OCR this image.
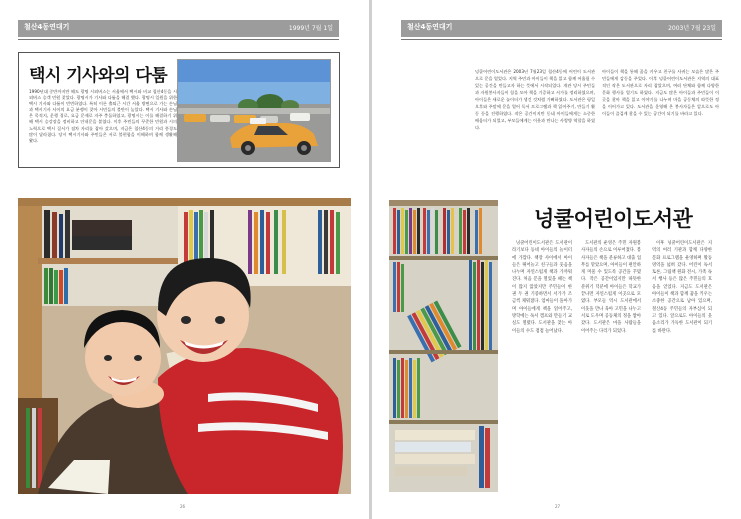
철산4동연대기	1999년 7월 1일
택시 기사와의 다툼
1990년대 중반까지만 해도 광명 시외버스는 서울에서 택시와 비교 철산4동을 시외버스 승객 민원 잦았다. 광명시가 기사와 다툼을 해결 했다. 광명시 일원을 위한 택시 기사와 다툼이 빈번하였다. 특히 이른 출퇴근 시간 서울 방면으로 가는 손님과 택시기사 사이의 요금 분쟁이 잦아 시민들의 불만이 높았다. 택시 기사와 손님은 목적지, 운행 경로, 요금 문제로 자주 충돌하였고, 광명시는 이를 해결하기 위해 택시 승강장을 정비하고 안내문을 붙였다. 이후 주민들의 꾸준한 민원과 시의 노력으로 택시 질서가 점차 자리를 잡아 갔으며, 지금은 철산4동의 거리 풍경도 많이 달라졌다. 당시 택시기사와 주민들은 서로 불편함을 이해하며 함께 생활해 왔다.
26
철산4동연대기	2003년 7월 23일
넝쿨어린이도서관은 2003년 7월23일 철산4동에 어린이 도서관으로 문을 열었다. 지역 주민과 아이들이 책을 읽고 함께 어울릴 수 있는 공간을 만들고자 하는 뜻에서 시작되었다. 개관 당시 주민들과 자원봉사자들이 힘을 모아 책을 기증하고 서가를 정리하였으며, 아이들은 새로운 놀이터가 생긴 것처럼 기뻐하였다. 도서관은 평일 오후와 주말에 문을 열어 독서 프로그램과 책 읽어주기, 만들기 활동 등을 진행하였다. 작은 공간이지만 동네 아이들에게는 소중한 배움터가 되었고, 부모들에게는 이웃과 만나는 사랑방 역할을 하였다.
아이들이 책을 통해 꿈을 키우고 친구를 사귀는 모습은 많은 주민들에게 감동을 주었다. 이후 넝쿨어린이도서관은 지역의 대표적인 작은 도서관으로 자리 잡았으며, 여러 단체와 함께 다양한 문화 행사를 열기도 하였다. 지금도 많은 아이들과 주민들이 이곳을 찾아 책을 읽고 이야기를 나누며 마을 공동체의 따뜻한 정을 이어가고 있다. 도서관을 운영해 온 봉사자들은 앞으로도 아이들이 즐겁게 찾을 수 있는 공간이 되기를 바라고 있다.
넝쿨어린이도서관

넝쿨어린이도서관은 도서관이라기보다 동네 아이들의 놀이터에 가깝다. 책장 사이에서 아이들은 뛰어놀고 친구들과 웃음을 나누며 자연스럽게 책과 가까워진다. 처음 문을 열었을 때는 책이 많지 않았지만 주민들이 한 권 두 권 기증하면서 서가가 조금씩 채워졌다. 엄마들이 돌아가며 아이들에게 책을 읽어주고, 방학에는 독서 캠프와 만들기 교실도 열렸다. 도서관을 찾는 아이들의 수도 점점 늘어났다.

도서관의 운영은 주민 자원봉사자들의 손으로 이루어졌다. 봉사자들은 책을 분류하고 대출 업무를 맡았으며, 아이들이 편안하게 머물 수 있도록 공간을 꾸몄다. 작은 공간이었지만 따뜻한 분위기 덕분에 아이들은 학교가 끝나면 자연스럽게 이곳으로 모였다. 부모들 역시 도서관에서 이웃을 만나 육아 고민을 나누고 서로 도우며 공동체의 정을 쌓아 갔다. 도서관은 마을 사람들을 이어주는 다리가 되었다.

이후 넝쿨어린이도서관은 지역의 여러 기관과 함께 다양한 문화 프로그램을 운영하며 활동 영역을 넓혀 갔다. 어린이 독서 토론, 그림책 원화 전시, 가족 독서 행사 등은 많은 주민들의 호응을 얻었다. 지금도 도서관은 아이들이 책과 함께 꿈을 키우는 소중한 공간으로 남아 있으며, 철산4동 주민들의 자부심이 되고 있다. 앞으로도 아이들의 웃음소리가 가득한 도서관이 되기를 바란다.

27
